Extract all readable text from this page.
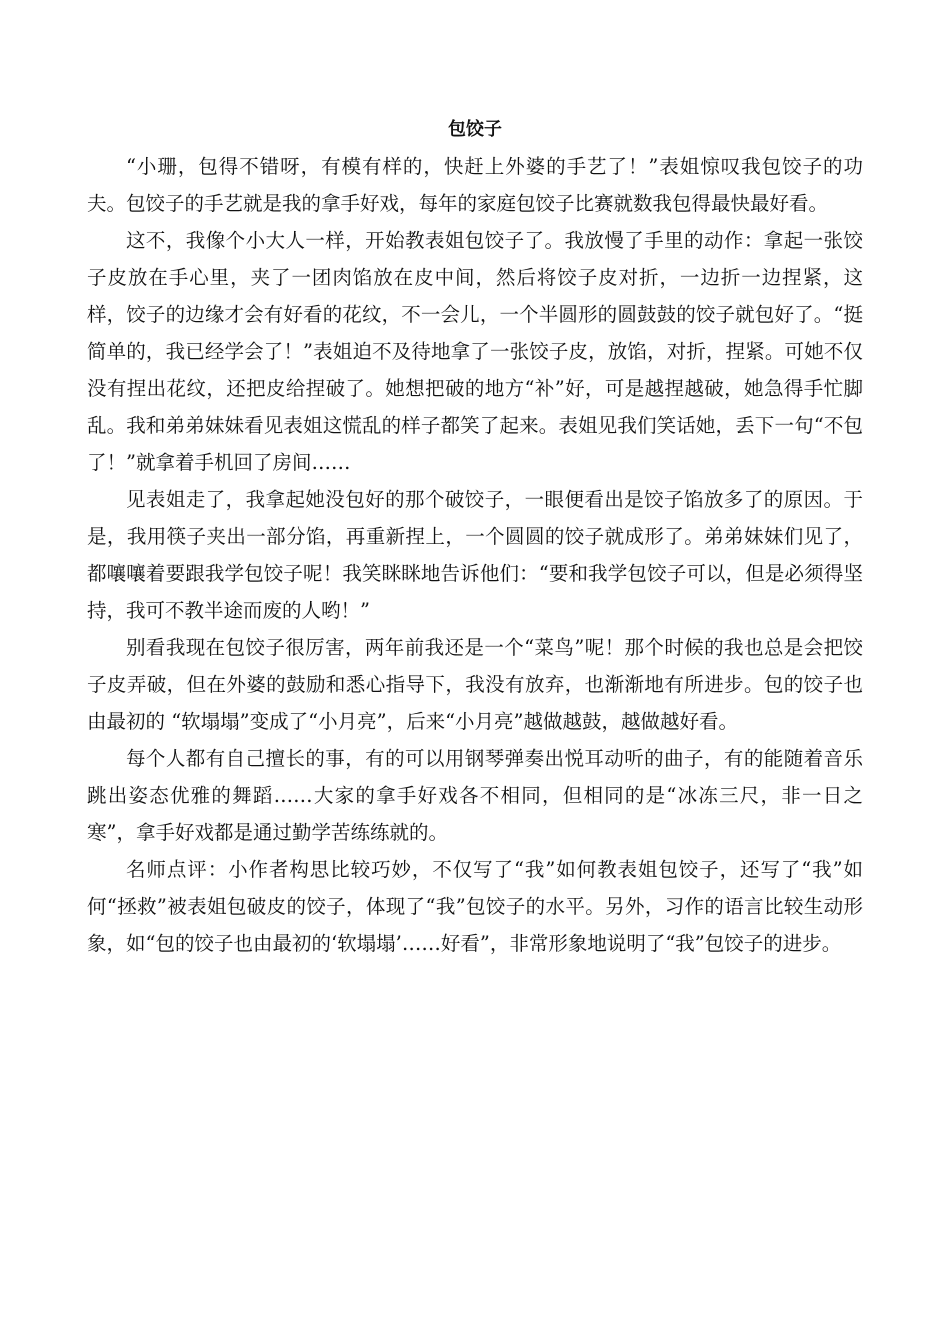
包饺子

“小珊，包得不错呀，有模有样的，快赶上外婆的手艺了！”表姐惊叹我包饺子的功夫。包饺子的手艺就是我的拿手好戏，每年的家庭包饺子比赛就数我包得最快最好看。

这不，我像个小大人一样，开始教表姐包饺子了。我放慢了手里的动作：拿起一张饺子皮放在手心里，夹了一团肉馅放在皮中间，然后将饺子皮对折，一边折一边捏紧，这样，饺子的边缘才会有好看的花纹，不一会儿，一个半圆形的圆鼓鼓的饺子就包好了。“挺简单的，我已经学会了！”表姐迫不及待地拿了一张饺子皮，放馅，对折，捏紧。可她不仅没有捏出花纹，还把皮给捏破了。她想把破的地方“补”好，可是越捏越破，她急得手忙脚乱。我和弟弟妹妹看见表姐这慌乱的样子都笑了起来。表姐见我们笑话她，丢下一句“不包了！”就拿着手机回了房间……

见表姐走了，我拿起她没包好的那个破饺子，一眼便看出是饺子馅放多了的原因。于是，我用筷子夹出一部分馅，再重新捏上，一个圆圆的饺子就成形了。弟弟妹妹们见了，都嚷嚷着要跟我学包饺子呢！我笑眯眯地告诉他们：“要和我学包饺子可以，但是必须得坚持，我可不教半途而废的人哟！”

别看我现在包饺子很厉害，两年前我还是一个“菜鸟”呢！那个时候的我也总是会把饺子皮弄破，但在外婆的鼓励和悉心指导下，我没有放弃，也渐渐地有所进步。包的饺子也由最初的 “软塌塌”变成了“小月亮”，后来“小月亮”越做越鼓，越做越好看。

每个人都有自己擅长的事，有的可以用钢琴弹奏出悦耳动听的曲子，有的能随着音乐跳出姿态优雅的舞蹈……大家的拿手好戏各不相同，但相同的是“冰冻三尺，非一日之寒”，拿手好戏都是通过勤学苦练练就的。

名师点评：小作者构思比较巧妙，不仅写了“我”如何教表姐包饺子，还写了“我”如何“拯救”被表姐包破皮的饺子，体现了“我”包饺子的水平。另外，习作的语言比较生动形象，如“包的饺子也由最初的‘软塌塌’……好看”，非常形象地说明了“我”包饺子的进步。
